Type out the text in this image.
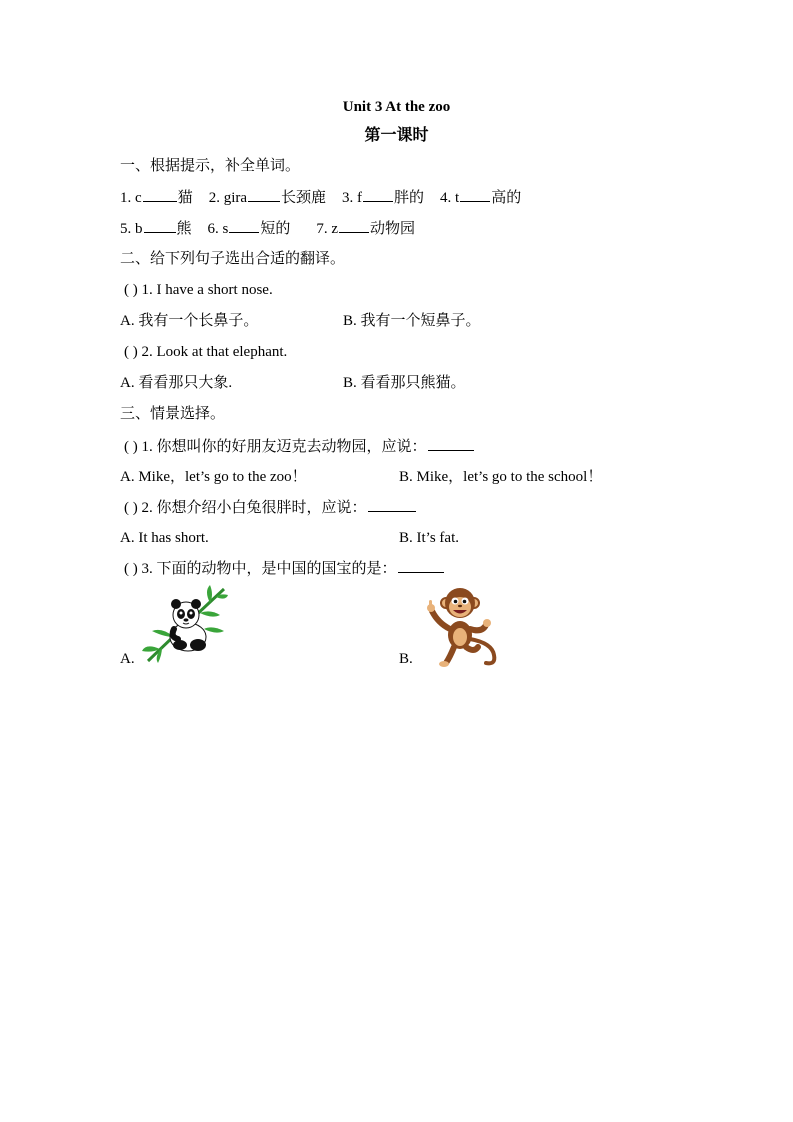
Unit 3 At the zoo
第一课时
一、根据提示，补全单词。
1. c 猫 2. gira 长颈鹿 3. f 胖的 4. t 高的
5. b 熊 6. s 短的 7. z 动物园
二、给下列句子选出合适的翻译。
( ) 1. I have a short nose.
A. 我有一个长鼻子。	B. 我有一个短鼻子。
( ) 2. Look at that elephant.
A. 看看那只大象.	B. 看看那只熊猫。
三、情景选择。
( ) 1. 你想叫你的好朋友迈克去动物园，应说：
A. Mike，let’s go to the zoo！	B. Mike，let’s go to the school！
( ) 2. 你想介绍小白兔很胖时，应说：
A. It has short.	B. It’s fat.
( ) 3. 下面的动物中，是中国的国宝的是：
A.	B.
